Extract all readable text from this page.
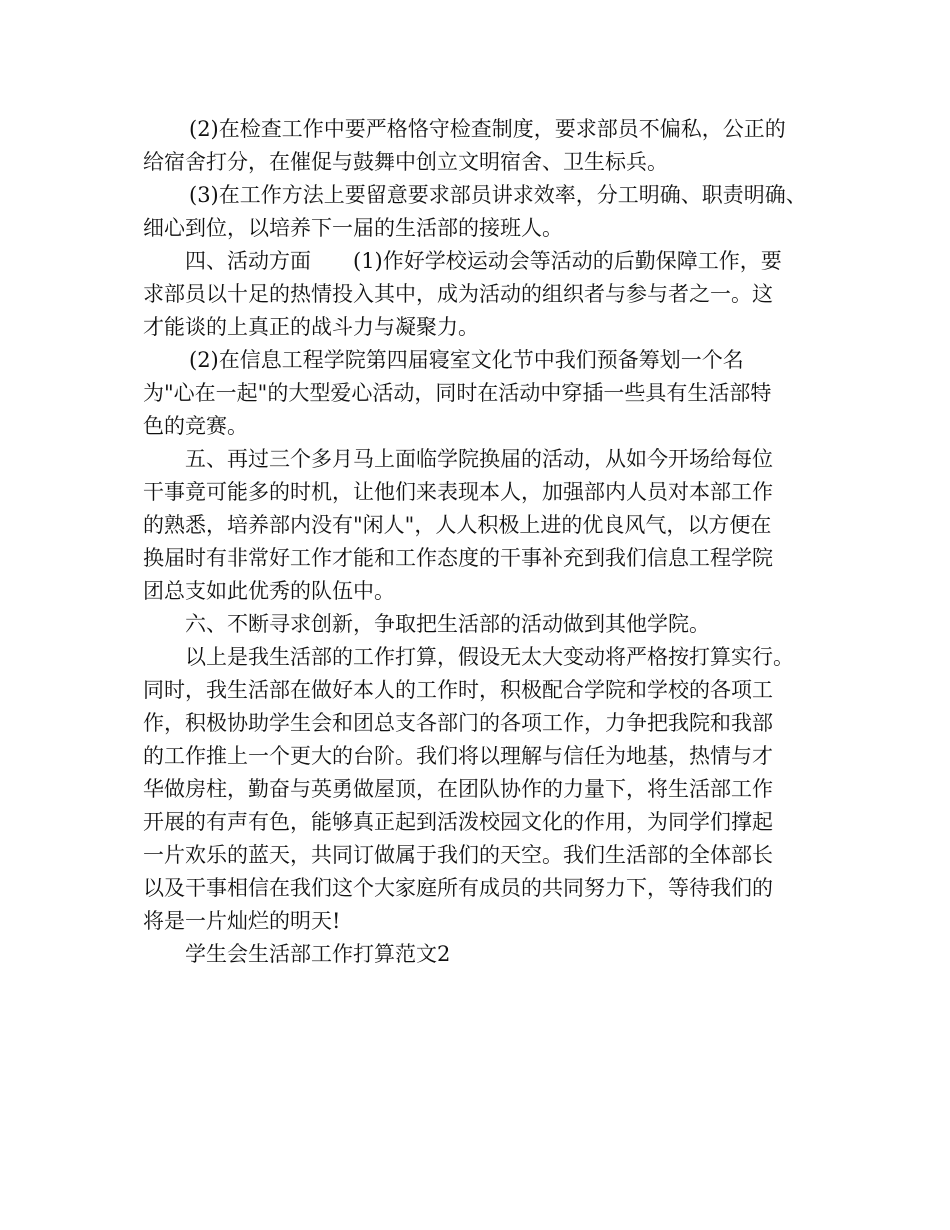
(2)在检查工作中要严格恪守检查制度，要求部员不偏私，公正的

给宿舍打分，在催促与鼓舞中创立文明宿舍、卫生标兵。

(3)在工作方法上要留意要求部员讲求效率，分工明确、职责明确、

细心到位，以培养下一届的生活部的接班人。

四、活动方面　　(1)作好学校运动会等活动的后勤保障工作，要

求部员以十足的热情投入其中，成为活动的组织者与参与者之一。这

才能谈的上真正的战斗力与凝聚力。

(2)在信息工程学院第四届寝室文化节中我们预备筹划一个名

为"心在一起"的大型爱心活动，同时在活动中穿插一些具有生活部特

色的竞赛。

五、再过三个多月马上面临学院换届的活动，从如今开场给每位

干事竟可能多的时机，让他们来表现本人，加强部内人员对本部工作

的熟悉，培养部内没有"闲人"，人人积极上进的优良风气，以方便在

换届时有非常好工作才能和工作态度的干事补充到我们信息工程学院

团总支如此优秀的队伍中。

六、不断寻求创新，争取把生活部的活动做到其他学院。

以上是我生活部的工作打算，假设无太大变动将严格按打算实行。

同时，我生活部在做好本人的工作时，积极配合学院和学校的各项工

作，积极协助学生会和团总支各部门的各项工作，力争把我院和我部

的工作推上一个更大的台阶。我们将以理解与信任为地基，热情与才

华做房柱，勤奋与英勇做屋顶，在团队协作的力量下，将生活部工作

开展的有声有色，能够真正起到活泼校园文化的作用，为同学们撑起

一片欢乐的蓝天，共同订做属于我们的天空。我们生活部的全体部长

以及干事相信在我们这个大家庭所有成员的共同努力下，等待我们的

将是一片灿烂的明天!

学生会生活部工作打算范文2
